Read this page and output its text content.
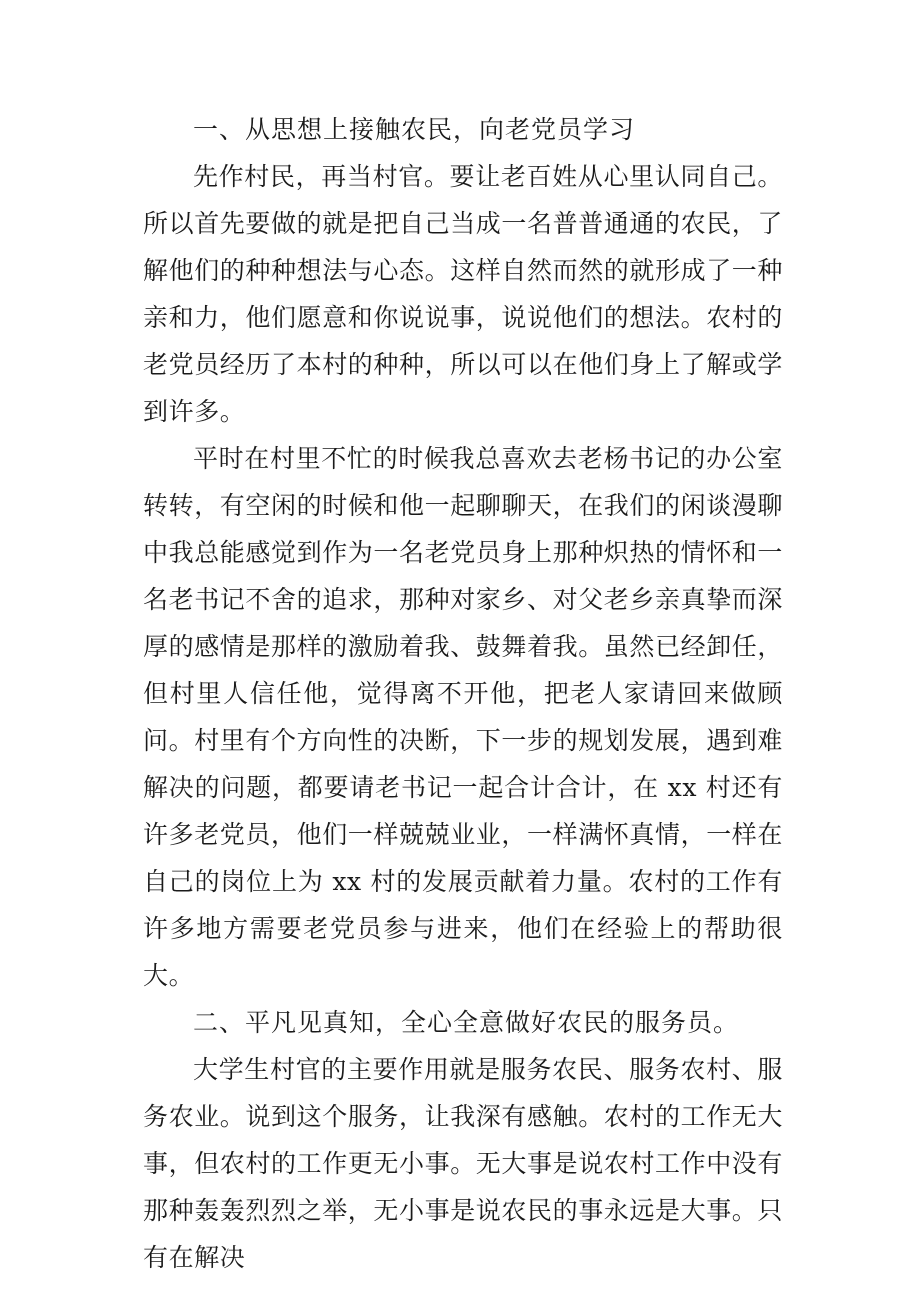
一、从思想上接触农民，向老党员学习

先作村民，再当村官。要让老百姓从心里认同自己。所以首先要做的就是把自己当成一名普普通通的农民，了解他们的种种想法与心态。这样自然而然的就形成了一种亲和力，他们愿意和你说说事，说说他们的想法。农村的老党员经历了本村的种种，所以可以在他们身上了解或学到许多。

平时在村里不忙的时候我总喜欢去老杨书记的办公室转转，有空闲的时候和他一起聊聊天，在我们的闲谈漫聊中我总能感觉到作为一名老党员身上那种炽热的情怀和一名老书记不舍的追求，那种对家乡、对父老乡亲真挚而深厚的感情是那样的激励着我、鼓舞着我。虽然已经卸任，但村里人信任他，觉得离不开他，把老人家请回来做顾问。村里有个方向性的决断，下一步的规划发展，遇到难解决的问题，都要请老书记一起合计合计，在 xx 村还有许多老党员，他们一样兢兢业业，一样满怀真情，一样在自己的岗位上为 xx 村的发展贡献着力量。农村的工作有许多地方需要老党员参与进来，他们在经验上的帮助很大。

二、平凡见真知，全心全意做好农民的服务员。

大学生村官的主要作用就是服务农民、服务农村、服务农业。说到这个服务，让我深有感触。农村的工作无大事，但农村的工作更无小事。无大事是说农村工作中没有那种轰轰烈烈之举，无小事是说农民的事永远是大事。只有在解决
